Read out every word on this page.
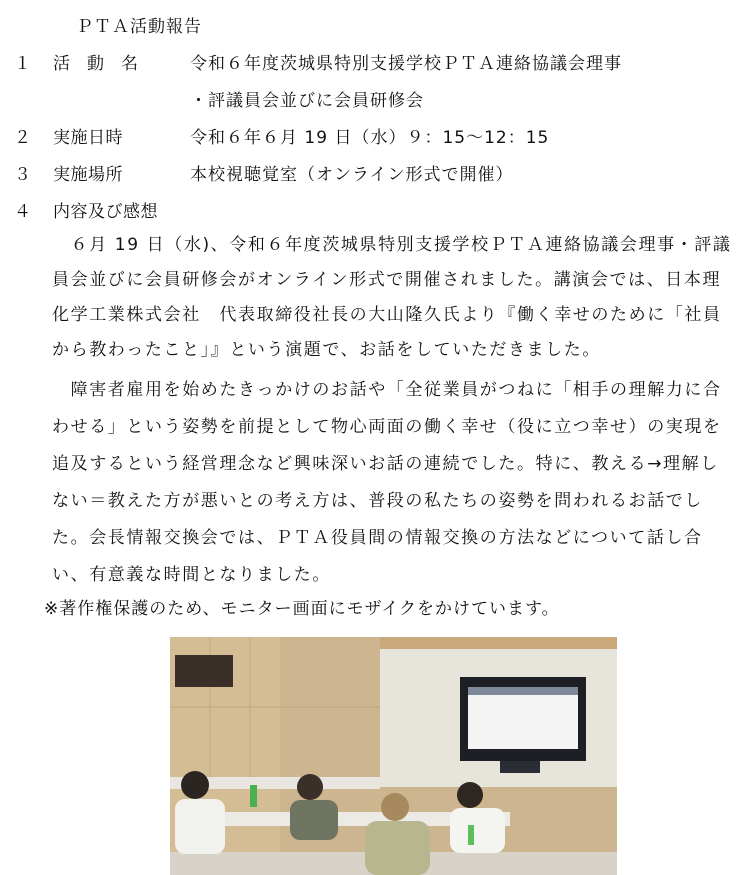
ＰＴＡ活動報告
１ 活　動　名	令和６年度茨城県特別支援学校ＰＴＡ連絡協議会理事
・評議員会並びに会員研修会
２ 実施日時	令和６年６月 19 日（水）９：15～12：15
３ 実施場所	本校視聴覚室（オンライン形式で開催）
４ 内容及び感想
　６月 19 日（水)、令和６年度茨城県特別支援学校ＰＴＡ連絡協議会理事・評議
員会並びに会員研修会がオンライン形式で開催されました。講演会では、日本理
化学工業株式会社　代表取締役社長の大山隆久氏より『働く幸せのために「社員
から教わったこと」』という演題で、お話をしていただきました。
　障害者雇用を始めたきっかけのお話や「全従業員がつねに「相手の理解力に合
わせる」という姿勢を前提として物心両面の働く幸せ（役に立つ幸せ）の実現を
追及するという経営理念など興味深いお話の連続でした。特に、教える→理解し
ない＝教えた方が悪いとの考え方は、普段の私たちの姿勢を問われるお話でし
た。会長情報交換会では、ＰＴＡ役員間の情報交換の方法などについて話し合
い、有意義な時間となりました。
※著作権保護のため、モニター画面にモザイクをかけています。
